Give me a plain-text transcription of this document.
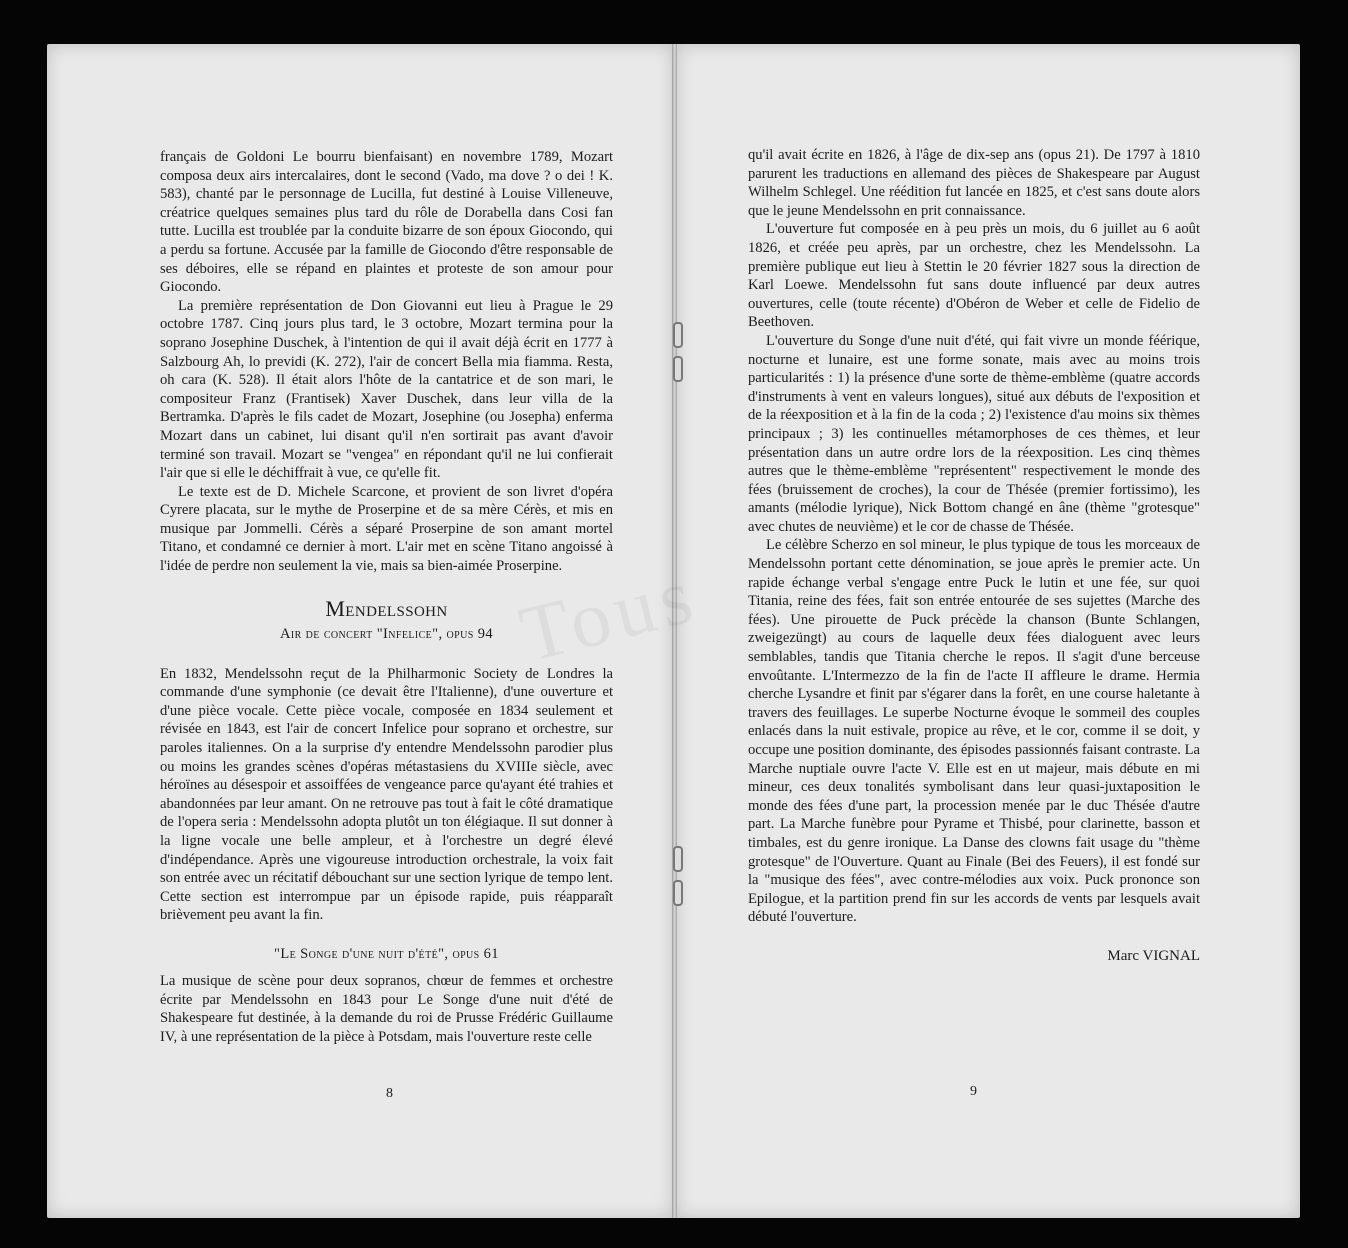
Tous

français de Goldoni Le bourru bienfaisant) en novembre 1789, Mozart composa deux airs intercalaires, dont le second (Vado, ma dove ? o dei ! K. 583), chanté par le personnage de Lucilla, fut destiné à Louise Villeneuve, créatrice quelques semaines plus tard du rôle de Dorabella dans Cosi fan tutte. Lucilla est troublée par la conduite bizarre de son époux Giocondo, qui a perdu sa fortune. Accusée par la famille de Giocondo d'être responsable de ses déboires, elle se répand en plaintes et proteste de son amour pour Giocondo.

La première représentation de Don Giovanni eut lieu à Prague le 29 octobre 1787. Cinq jours plus tard, le 3 octobre, Mozart termina pour la soprano Josephine Duschek, à l'intention de qui il avait déjà écrit en 1777 à Salzbourg Ah, lo previdi (K. 272), l'air de concert Bella mia fiamma. Resta, oh cara (K. 528). Il était alors l'hôte de la cantatrice et de son mari, le compositeur Franz (Frantisek) Xaver Duschek, dans leur villa de la Bertramka. D'après le fils cadet de Mozart, Josephine (ou Josepha) enferma Mozart dans un cabinet, lui disant qu'il n'en sortirait pas avant d'avoir terminé son travail. Mozart se "vengea" en répondant qu'il ne lui confierait l'air que si elle le déchiffrait à vue, ce qu'elle fit.

Le texte est de D. Michele Scarcone, et provient de son livret d'opéra Cyrere placata, sur le mythe de Proserpine et de sa mère Cérès, et mis en musique par Jommelli. Cérès a séparé Proserpine de son amant mortel Titano, et condamné ce dernier à mort. L'air met en scène Titano angoissé à l'idée de perdre non seulement la vie, mais sa bien-aimée Proserpine.

Mendelssohn
Air de concert "Infelice", opus 94

En 1832, Mendelssohn reçut de la Philharmonic Society de Londres la commande d'une symphonie (ce devait être l'Italienne), d'une ouverture et d'une pièce vocale. Cette pièce vocale, composée en 1834 seulement et révisée en 1843, est l'air de concert Infelice pour soprano et orchestre, sur paroles italiennes. On a la surprise d'y entendre Mendelssohn parodier plus ou moins les grandes scènes d'opéras métastasiens du XVIIIe siècle, avec héroïnes au désespoir et assoiffées de vengeance parce qu'ayant été trahies et abandonnées par leur amant. On ne retrouve pas tout à fait le côté dramatique de l'opera seria : Mendelssohn adopta plutôt un ton élégiaque. Il sut donner à la ligne vocale une belle ampleur, et à l'orchestre un degré élevé d'indépendance. Après une vigoureuse introduction orchestrale, la voix fait son entrée avec un récitatif débouchant sur une section lyrique de tempo lent. Cette section est interrompue par un épisode rapide, puis réapparaît brièvement peu avant la fin.

"Le Songe d'une nuit d'été", opus 61

La musique de scène pour deux sopranos, chœur de femmes et orchestre écrite par Mendelssohn en 1843 pour Le Songe d'une nuit d'été de Shakespeare fut destinée, à la demande du roi de Prusse Frédéric Guillaume IV, à une représentation de la pièce à Potsdam, mais l'ouverture reste celle

8

qu'il avait écrite en 1826, à l'âge de dix-sep ans (opus 21). De 1797 à 1810 parurent les traductions en allemand des pièces de Shakespeare par August Wilhelm Schlegel. Une réédition fut lancée en 1825, et c'est sans doute alors que le jeune Mendelssohn en prit connaissance.

L'ouverture fut composée en à peu près un mois, du 6 juillet au 6 août 1826, et créée peu après, par un orchestre, chez les Mendelssohn. La première publique eut lieu à Stettin le 20 février 1827 sous la direction de Karl Loewe. Mendelssohn fut sans doute influencé par deux autres ouvertures, celle (toute récente) d'Obéron de Weber et celle de Fidelio de Beethoven.

L'ouverture du Songe d'une nuit d'été, qui fait vivre un monde féérique, nocturne et lunaire, est une forme sonate, mais avec au moins trois particularités : 1) la présence d'une sorte de thème-emblème (quatre accords d'instruments à vent en valeurs longues), situé aux débuts de l'exposition et de la réexposition et à la fin de la coda ; 2) l'existence d'au moins six thèmes principaux ; 3) les continuelles métamorphoses de ces thèmes, et leur présentation dans un autre ordre lors de la réexposition. Les cinq thèmes autres que le thème-emblème "représentent" respectivement le monde des fées (bruissement de croches), la cour de Thésée (premier fortissimo), les amants (mélodie lyrique), Nick Bottom changé en âne (thème "grotesque" avec chutes de neuvième) et le cor de chasse de Thésée.

Le célèbre Scherzo en sol mineur, le plus typique de tous les morceaux de Mendelssohn portant cette dénomination, se joue après le premier acte. Un rapide échange verbal s'engage entre Puck le lutin et une fée, sur quoi Titania, reine des fées, fait son entrée entourée de ses sujettes (Marche des fées). Une pirouette de Puck précède la chanson (Bunte Schlangen, zweigezüngt) au cours de laquelle deux fées dialoguent avec leurs semblables, tandis que Titania cherche le repos. Il s'agit d'une berceuse envoûtante. L'Intermezzo de la fin de l'acte II affleure le drame. Hermia cherche Lysandre et finit par s'égarer dans la forêt, en une course haletante à travers des feuillages. Le superbe Nocturne évoque le sommeil des couples enlacés dans la nuit estivale, propice au rêve, et le cor, comme il se doit, y occupe une position dominante, des épisodes passionnés faisant contraste. La Marche nuptiale ouvre l'acte V. Elle est en ut majeur, mais débute en mi mineur, ces deux tonalités symbolisant dans leur quasi-juxtaposition le monde des fées d'une part, la procession menée par le duc Thésée d'autre part. La Marche funèbre pour Pyrame et Thisbé, pour clarinette, basson et timbales, est du genre ironique. La Danse des clowns fait usage du "thème grotesque" de l'Ouverture. Quant au Finale (Bei des Feuers), il est fondé sur la "musique des fées", avec contre-mélodies aux voix. Puck prononce son Epilogue, et la partition prend fin sur les accords de vents par lesquels avait débuté l'ouverture.

Marc VIGNAL
9
